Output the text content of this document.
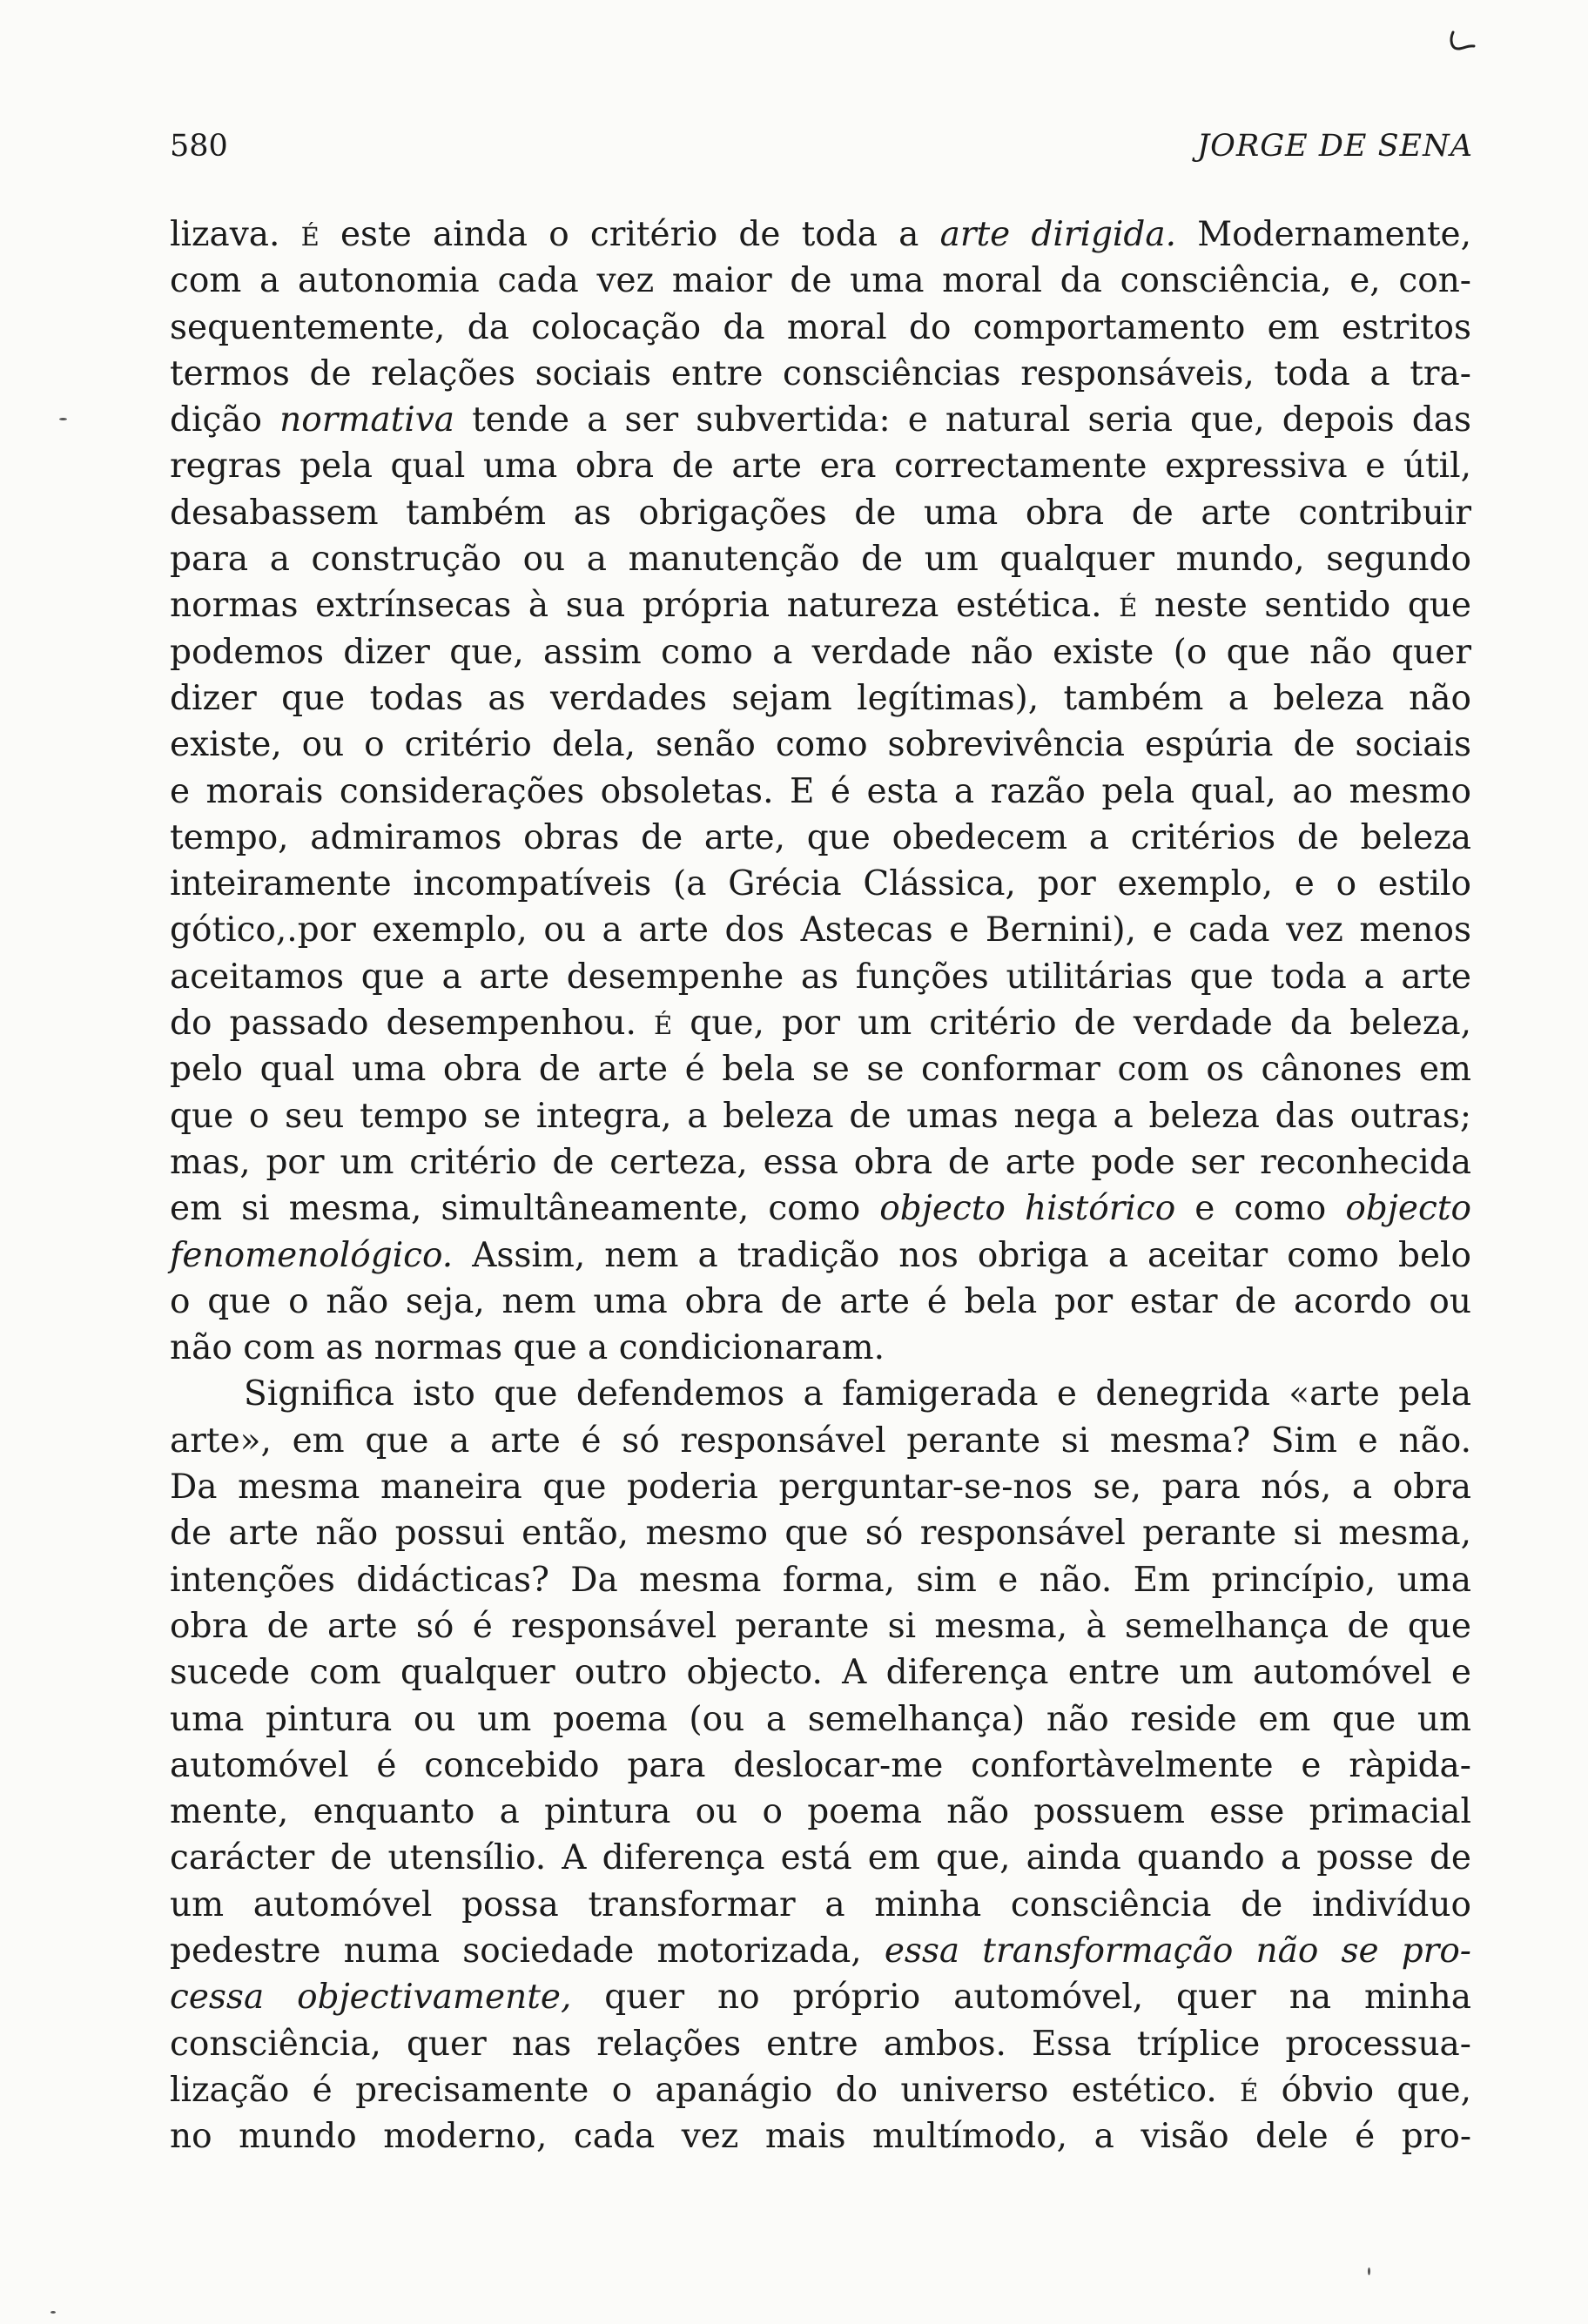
580	JORGE DE SENA
lizava. É este ainda o critério de toda a arte dirigida. Modernamente,
com a autonomia cada vez maior de uma moral da consciência, e, con-
sequentemente, da colocação da moral do comportamento em estritos
termos de relações sociais entre consciências responsáveis, toda a tra-
dição normativa tende a ser subvertida: e natural seria que, depois das
regras pela qual uma obra de arte era correctamente expressiva e útil,
desabassem também as obrigações de uma obra de arte contribuir
para a construção ou a manutenção de um qualquer mundo, segundo
normas extrínsecas à sua própria natureza estética. É neste sentido que
podemos dizer que, assim como a verdade não existe (o que não quer
dizer que todas as verdades sejam legítimas), também a beleza não
existe, ou o critério dela, senão como sobrevivência espúria de sociais
e morais considerações obsoletas. E é esta a razão pela qual, ao mesmo
tempo, admiramos obras de arte, que obedecem a critérios de beleza
inteiramente incompatíveis (a Grécia Clássica, por exemplo, e o estilo
gótico,.por exemplo, ou a arte dos Astecas e Bernini), e cada vez menos
aceitamos que a arte desempenhe as funções utilitárias que toda a arte
do passado desempenhou. É que, por um critério de verdade da beleza,
pelo qual uma obra de arte é bela se se conformar com os cânones em
que o seu tempo se integra, a beleza de umas nega a beleza das outras;
mas, por um critério de certeza, essa obra de arte pode ser reconhecida
em si mesma, simultâneamente, como objecto histórico e como objecto
fenomenológico. Assim, nem a tradição nos obriga a aceitar como belo
o que o não seja, nem uma obra de arte é bela por estar de acordo ou
não com as normas que a condicionaram.
Significa isto que defendemos a famigerada e denegrida «arte pela
arte», em que a arte é só responsável perante si mesma? Sim e não.
Da mesma maneira que poderia perguntar-se-nos se, para nós, a obra
de arte não possui então, mesmo que só responsável perante si mesma,
intenções didácticas? Da mesma forma, sim e não. Em princípio, uma
obra de arte só é responsável perante si mesma, à semelhança de que
sucede com qualquer outro objecto. A diferença entre um automóvel e
uma pintura ou um poema (ou a semelhança) não reside em que um
automóvel é concebido para deslocar-me confortàvelmente e ràpida-
mente, enquanto a pintura ou o poema não possuem esse primacial
carácter de utensílio. A diferença está em que, ainda quando a posse de
um automóvel possa transformar a minha consciência de indivíduo
pedestre numa sociedade motorizada, essa transformação não se pro-
cessa objectivamente, quer no próprio automóvel, quer na minha
consciência, quer nas relações entre ambos. Essa tríplice processua-
lização é precisamente o apanágio do universo estético. É óbvio que,
no mundo moderno, cada vez mais multímodo, a visão dele é pro-
